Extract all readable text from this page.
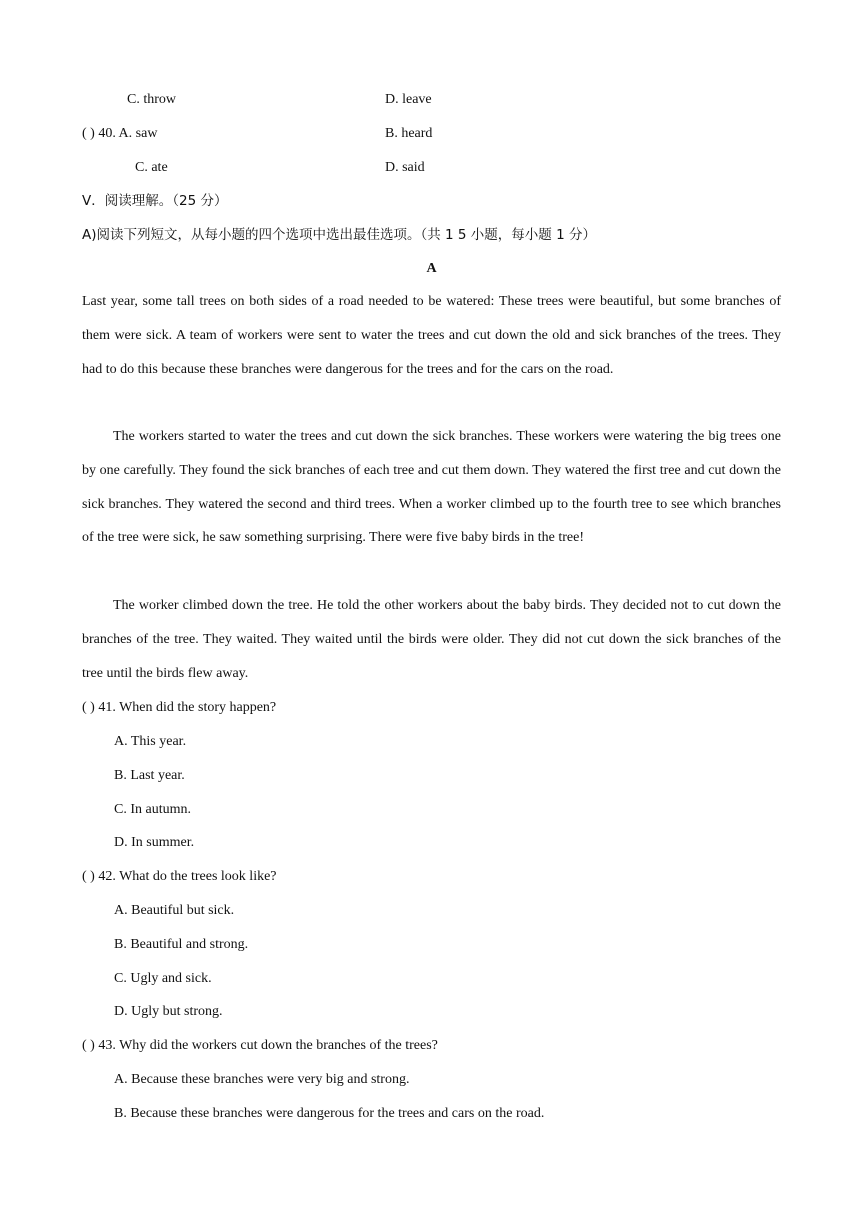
C. throw	D. leave
( ) 40. A. saw	B. heard
C. ate	D. said
V．阅读理解。（25 分）
A)阅读下列短文，从每小题的四个选项中选出最佳选项。（共 1 5 小题，每小题 1 分）
A
Last year, some tall trees on both sides of a road needed to be watered: These trees were beautiful, but some branches of them were sick. A team of workers were sent to water the trees and cut down the old and sick branches of the trees. They had to do this because these branches were dangerous for the trees and for the cars on the road.
The workers started to water the trees and cut down the sick branches. These workers were watering the big trees one by one carefully. They found the sick branches of each tree and cut them down. They watered the first tree and cut down the sick branches. They watered the second and third trees. When a worker climbed up to the fourth tree to see which branches of the tree were sick, he saw something surprising. There were five baby birds in the tree!
The worker climbed down the tree. He told the other workers about the baby birds. They decided not to cut down the branches of the tree. They waited. They waited until the birds were older. They did not cut down the sick branches of the tree until the birds flew away.
( ) 41. When did the story happen?
A. This year.
B. Last year.
C. In autumn.
D. In summer.
( ) 42. What do the trees look like?
A. Beautiful but sick.
B. Beautiful and strong.
C. Ugly and sick.
D. Ugly but strong.
( ) 43. Why did the workers cut down the branches of the trees?
A. Because these branches were very big and strong.
B. Because these branches were dangerous for the trees and cars on the road.
